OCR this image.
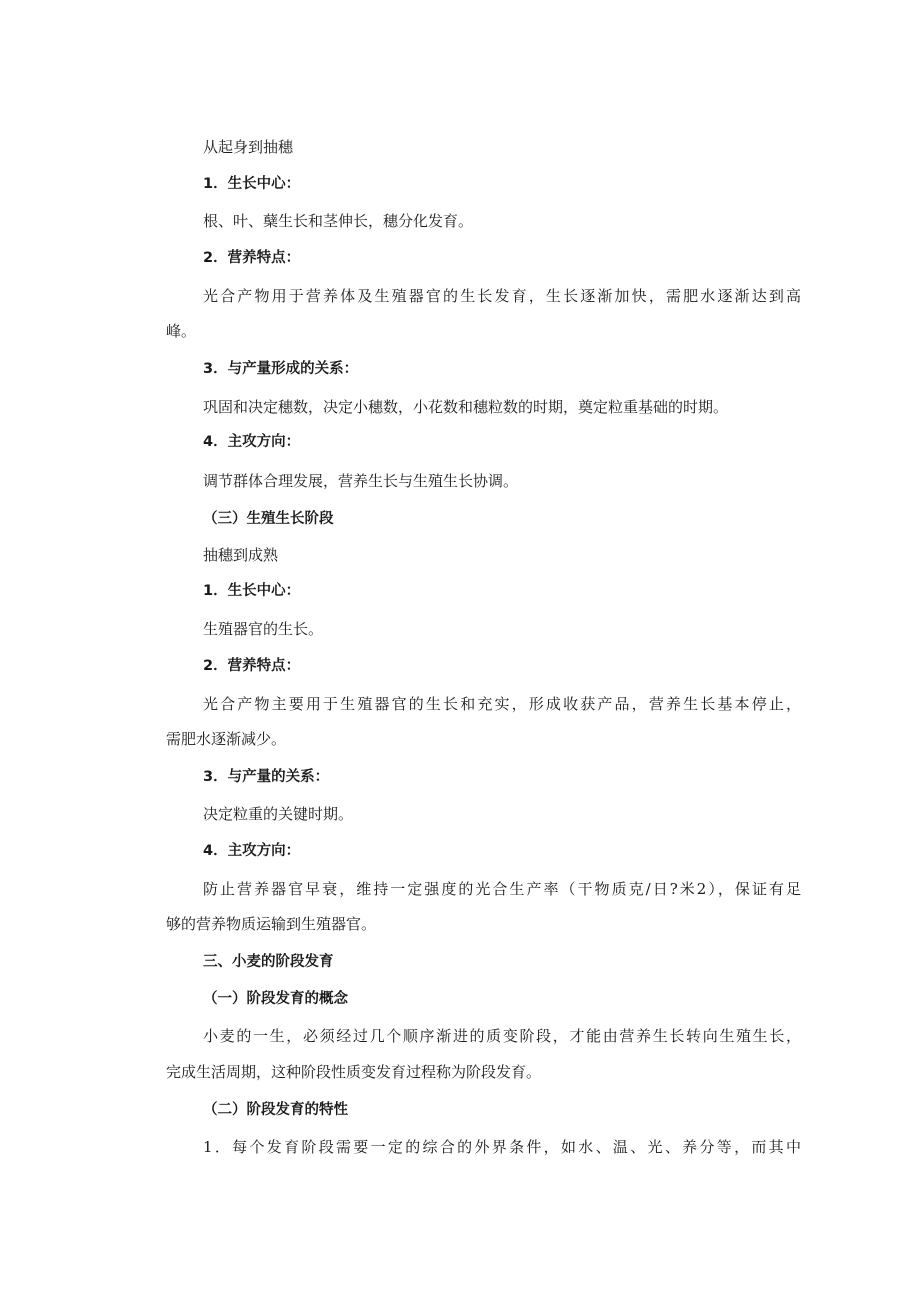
从起身到抽穗
1．生长中心：
根、叶、蘖生长和茎伸长，穗分化发育。
2．营养特点：
光合产物用于营养体及生殖器官的生长发育，生长逐渐加快，需肥水逐渐达到高
峰。
3．与产量形成的关系：
巩固和决定穗数，决定小穗数，小花数和穗粒数的时期，奠定粒重基础的时期。
4．主攻方向：
调节群体合理发展，营养生长与生殖生长协调。
（三）生殖生长阶段
抽穗到成熟
1．生长中心：
生殖器官的生长。
2．营养特点：
光合产物主要用于生殖器官的生长和充实，形成收获产品，营养生长基本停止，
需肥水逐渐减少。
3．与产量的关系：
决定粒重的关键时期。
4．主攻方向：
防止营养器官早衰，维持一定强度的光合生产率（干物质克/日?米2），保证有足
够的营养物质运输到生殖器官。
三、小麦的阶段发育
（一）阶段发育的概念
小麦的一生，必须经过几个顺序渐进的质变阶段，才能由营养生长转向生殖生长，
完成生活周期，这种阶段性质变发育过程称为阶段发育。
（二）阶段发育的特性
1．每个发育阶段需要一定的综合的外界条件，如水、温、光、养分等，而其中
